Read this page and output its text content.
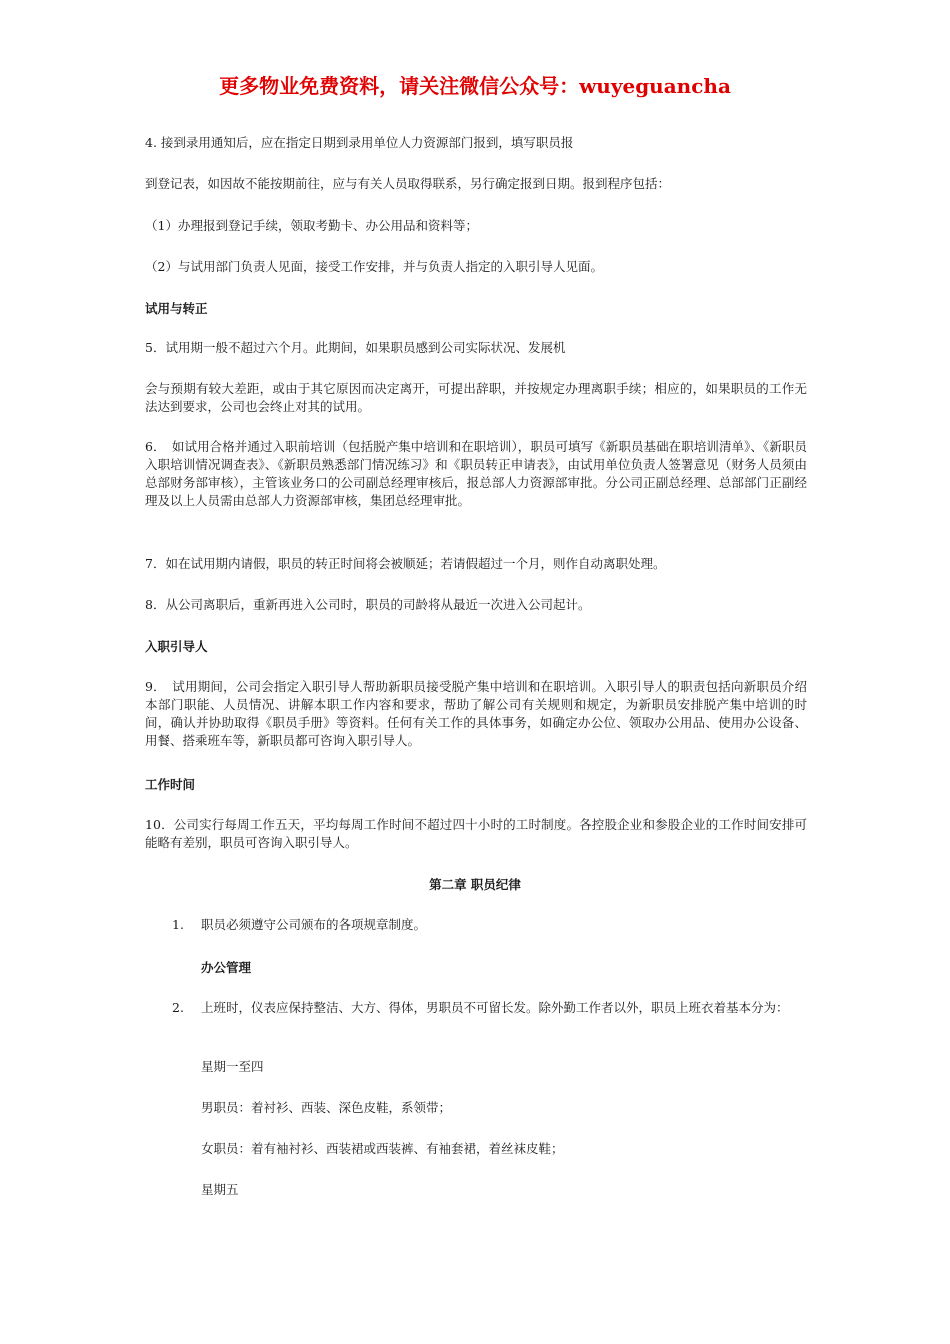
更多物业免费资料，请关注微信公众号：wuyeguancha
4. 接到录用通知后，应在指定日期到录用单位人力资源部门报到，填写职员报
到登记表，如因故不能按期前往，应与有关人员取得联系，另行确定报到日期。报到程序包括：
（1）办理报到登记手续，领取考勤卡、办公用品和资料等；
（2）与试用部门负责人见面，接受工作安排，并与负责人指定的入职引导人见面。
试用与转正
5．试用期一般不超过六个月。此期间，如果职员感到公司实际状况、发展机
会与预期有较大差距，或由于其它原因而决定离开，可提出辞职，并按规定办理离职手续；相应的，如果职员的工作无法达到要求，公司也会终止对其的试用。
6．　如试用合格并通过入职前培训（包括脱产集中培训和在职培训），职员可填写《新职员基础在职培训清单》、《新职员入职培训情况调查表》、《新职员熟悉部门情况练习》和《职员转正申请表》，由试用单位负责人签署意见（财务人员须由总部财务部审核），主管该业务口的公司副总经理审核后，报总部人力资源部审批。分公司正副总经理、总部部门正副经理及以上人员需由总部人力资源部审核，集团总经理审批。
7．如在试用期内请假，职员的转正时间将会被顺延；若请假超过一个月，则作自动离职处理。
8．从公司离职后，重新再进入公司时，职员的司龄将从最近一次进入公司起计。
入职引导人
9．　试用期间，公司会指定入职引导人帮助新职员接受脱产集中培训和在职培训。入职引导人的职责包括向新职员介绍本部门职能、人员情况、讲解本职工作内容和要求，帮助了解公司有关规则和规定，为新职员安排脱产集中培训的时间，确认并协助取得《职员手册》等资料。任何有关工作的具体事务，如确定办公位、领取办公用品、使用办公设备、用餐、搭乘班车等，新职员都可咨询入职引导人。
工作时间
10．公司实行每周工作五天，平均每周工作时间不超过四十小时的工时制度。各控股企业和参股企业的工作时间安排可能略有差别，职员可咨询入职引导人。
第二章 职员纪律
1. 职员必须遵守公司颁布的各项规章制度。
办公管理
2. 上班时，仪表应保持整洁、大方、得体，男职员不可留长发。除外勤工作者以外，职员上班衣着基本分为：
星期一至四
男职员：着衬衫、西装、深色皮鞋，系领带；
女职员：着有袖衬衫、西装裙或西装裤、有袖套裙，着丝袜皮鞋；
星期五
